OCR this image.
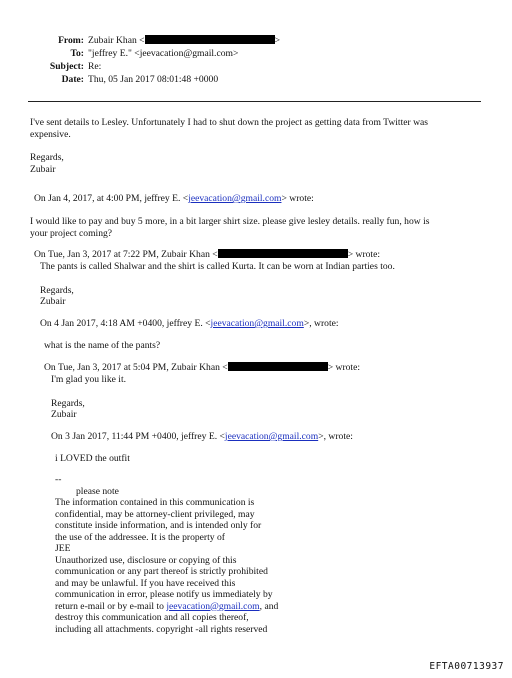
From: Zubair Khan <	>
To: "jeffrey E." <jeevacation@gmail.com>
Subject: Re:
Date: Thu, 05 Jan 2017 08:01:48 +0000
I've sent details to Lesley. Unfortunately I had to shut down the project as getting data from Twitter was
expensive.
Regards,
Zubair
On Jan 4, 2017, at 4:00 PM, jeffrey E. <jeevacation@gmail.com> wrote:
I would like to pay and buy 5 more, in a bit larger shirt size. please give lesley details. really fun, how is
your project coming?
On Tue, Jan 3, 2017 at 7:22 PM, Zubair Khan <	> wrote:
The pants is called Shalwar and the shirt is called Kurta. It can be worn at Indian parties too.
Regards,
Zubair
On 4 Jan 2017, 4:18 AM +0400, jeffrey E. <jeevacation@gmail.com>, wrote:
what is the name of the pants?
On Tue, Jan 3, 2017 at 5:04 PM, Zubair Khan <	> wrote:
I'm glad you like it.
Regards,
Zubair
On 3 Jan 2017, 11:44 PM +0400, jeffrey E. <jeevacation@gmail.com>, wrote:
i LOVED the outfit
--
please note
The information contained in this communication is
confidential, may be attorney-client privileged, may
constitute inside information, and is intended only for
the use of the addressee. It is the property of
JEE
Unauthorized use, disclosure or copying of this
communication or any part thereof is strictly prohibited
and may be unlawful. If you have received this
communication in error, please notify us immediately by
return e-mail or by e-mail to jeevacation@gmail.com, and
destroy this communication and all copies thereof,
including all attachments. copyright -all rights reserved
EFTA00713937
